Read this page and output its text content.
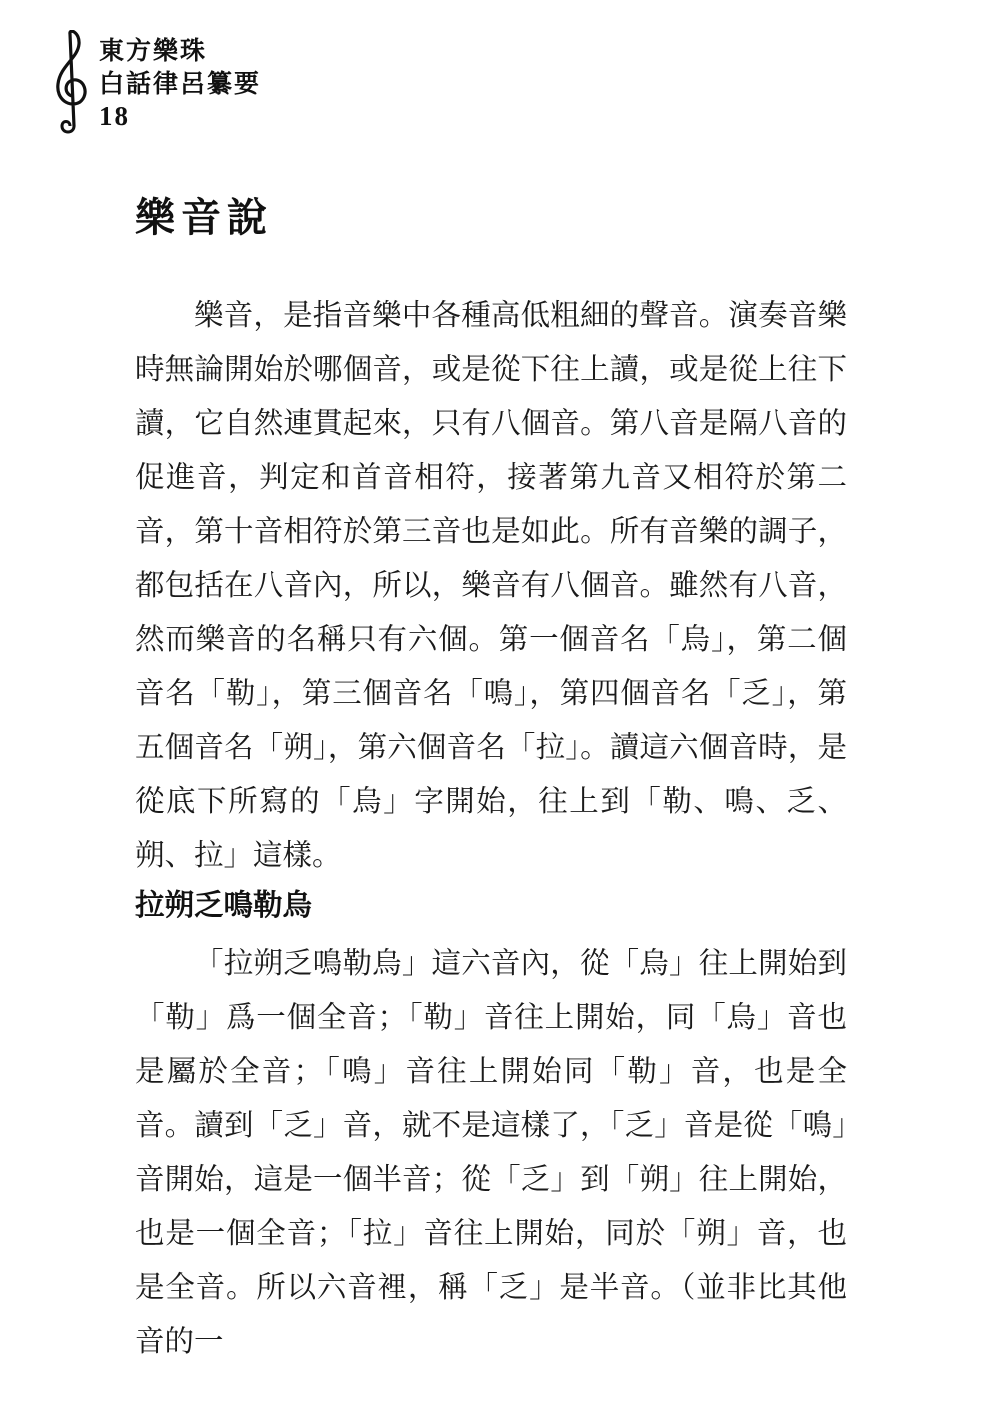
東方樂珠
白話律呂纂要
18
樂音說

樂音，是指音樂中各種高低粗細的聲音。演奏音樂時無論開始於哪個音，或是從下往上讀，或是從上往下讀，它自然連貫起來，只有八個音。第八音是隔八音的促進音，判定和首音相符，接著第九音又相符於第二音，第十音相符於第三音也是如此。所有音樂的調子，都包括在八音內，所以，樂音有八個音。雖然有八音，然而樂音的名稱只有六個。第一個音名「烏」，第二個音名「勒」，第三個音名「鳴」，第四個音名「乏」，第五個音名「朔」，第六個音名「拉」。讀這六個音時，是從底下所寫的「烏」字開始，往上到「勒、鳴、乏、朔、拉」這樣。

拉朔乏鳴勒烏

「拉朔乏鳴勒烏」這六音內，從「烏」往上開始到「勒」爲一個全音；「勒」音往上開始，同「烏」音也是屬於全音；「鳴」音往上開始同「勒」音，也是全音。讀到「乏」音，就不是這樣了，「乏」音是從「鳴」音開始，這是一個半音；從「乏」到「朔」往上開始，也是一個全音；「拉」音往上開始，同於「朔」音，也是全音。所以六音裡，稱「乏」是半音。（並非比其他音的一
